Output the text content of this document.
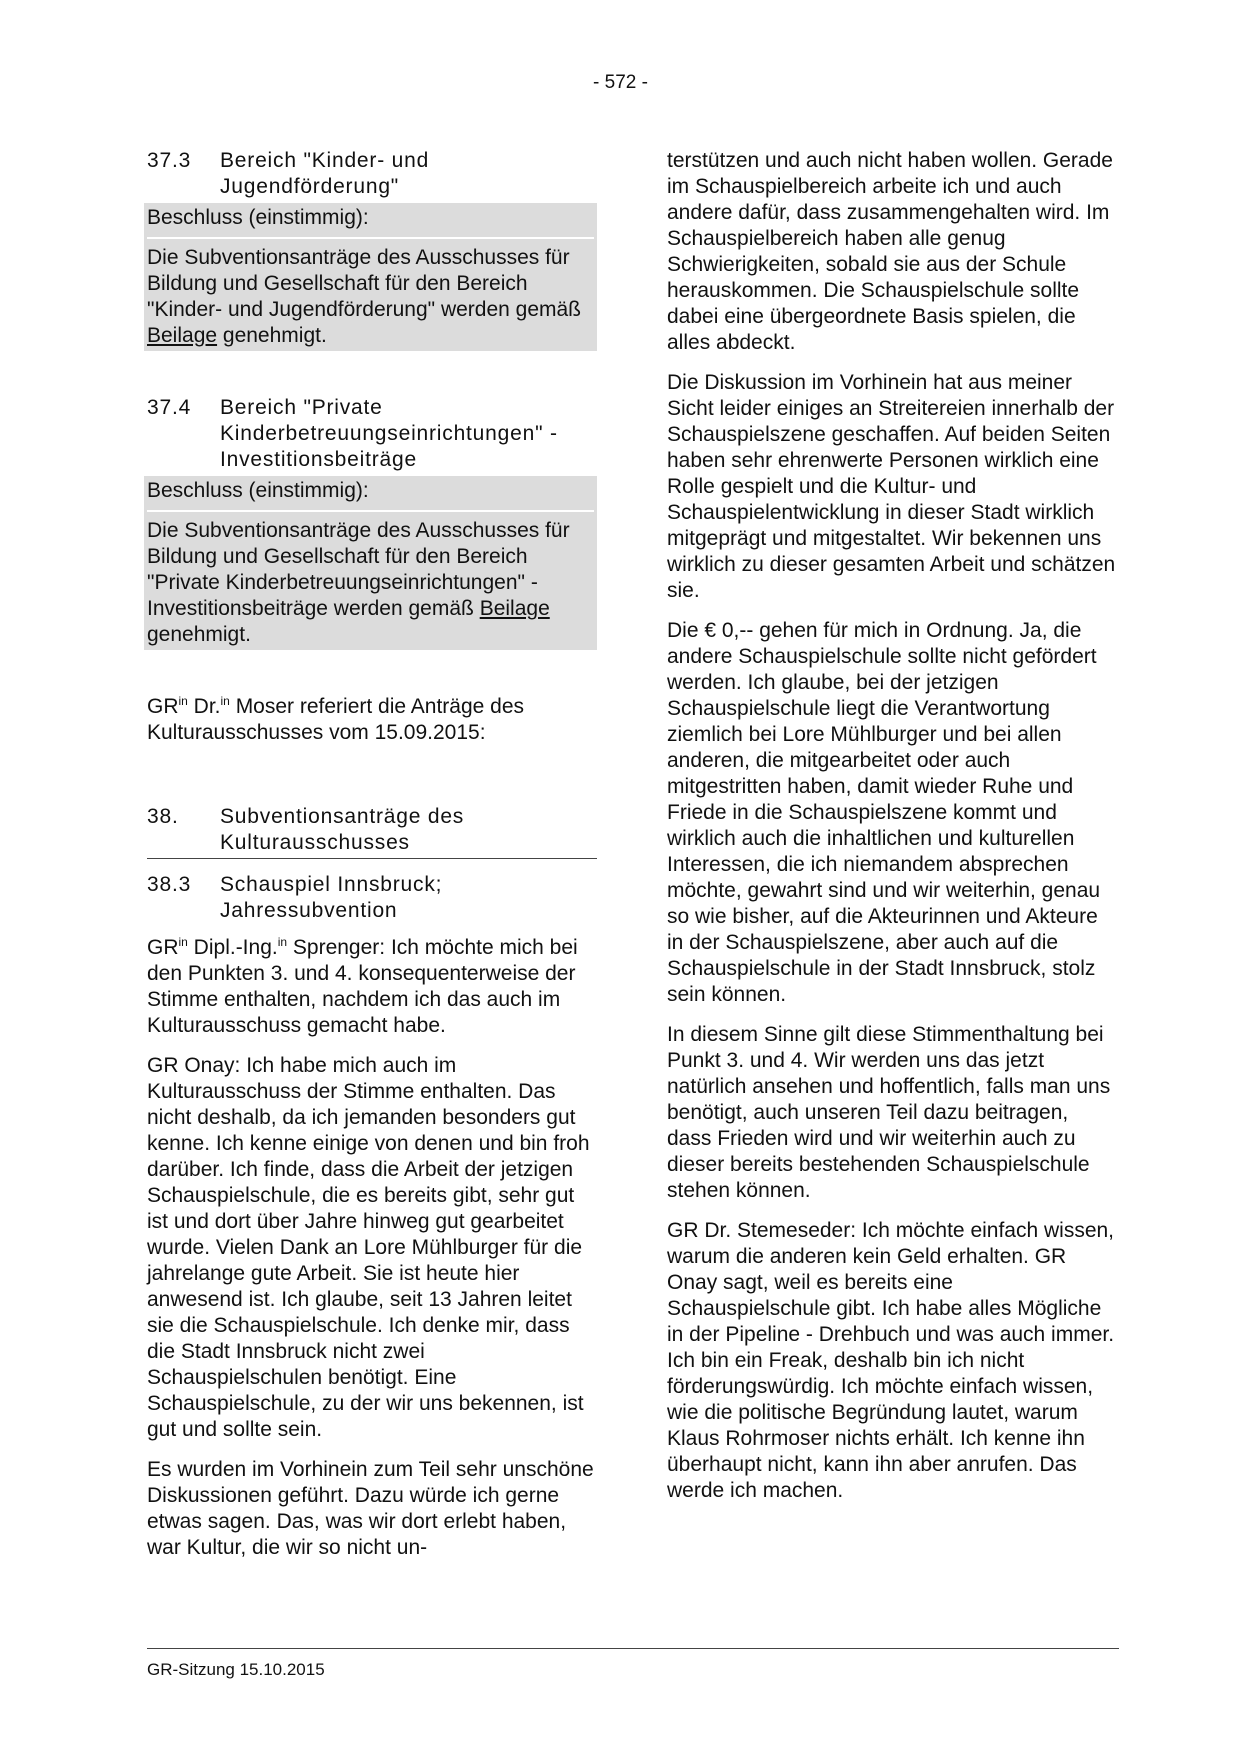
- 572 -
37.3	Bereich "Kinder- und Jugendförderung"
Beschluss (einstimmig):
Die Subventionsanträge des Ausschusses für Bildung und Gesellschaft für den Bereich "Kinder- und Jugendförderung" werden gemäß Beilage genehmigt.
37.4	Bereich "Private Kinderbetreuungseinrichtungen" - Investitionsbeiträge
Beschluss (einstimmig):
Die Subventionsanträge des Ausschusses für Bildung und Gesellschaft für den Bereich "Private Kinderbetreuungseinrichtungen" - Investitionsbeiträge werden gemäß Beilage genehmigt.

$GR^{in}$ Dr.$^{in}$ Moser referiert die Anträge des Kulturausschusses vom 15.09.2015:

38.	Subventionsanträge des Kulturausschusses
38.3	Schauspiel Innsbruck; Jahressubvention

$GR^{in}$ Dipl.-Ing.$^{in}$ Sprenger: Ich möchte mich bei den Punkten 3. und 4. konsequenterweise der Stimme enthalten, nachdem ich das auch im Kulturausschuss gemacht habe.

GR Onay: Ich habe mich auch im Kulturausschuss der Stimme enthalten. Das nicht deshalb, da ich jemanden besonders gut kenne. Ich kenne einige von denen und bin froh darüber. Ich finde, dass die Arbeit der jetzigen Schauspielschule, die es bereits gibt, sehr gut ist und dort über Jahre hinweg gut gearbeitet wurde. Vielen Dank an Lore Mühlburger für die jahrelange gute Arbeit. Sie ist heute hier anwesend ist. Ich glaube, seit 13 Jahren leitet sie die Schauspielschule. Ich denke mir, dass die Stadt Innsbruck nicht zwei Schauspielschulen benötigt. Eine Schauspielschule, zu der wir uns bekennen, ist gut und sollte sein.

Es wurden im Vorhinein zum Teil sehr unschöne Diskussionen geführt. Dazu würde ich gerne etwas sagen. Das, was wir dort erlebt haben, war Kultur, die wir so nicht un-

terstützen und auch nicht haben wollen. Gerade im Schauspielbereich arbeite ich und auch andere dafür, dass zusammengehalten wird. Im Schauspielbereich haben alle genug Schwierigkeiten, sobald sie aus der Schule herauskommen. Die Schauspielschule sollte dabei eine übergeordnete Basis spielen, die alles abdeckt.

Die Diskussion im Vorhinein hat aus meiner Sicht leider einiges an Streitereien innerhalb der Schauspielszene geschaffen. Auf beiden Seiten haben sehr ehrenwerte Personen wirklich eine Rolle gespielt und die Kultur- und Schauspielentwicklung in dieser Stadt wirklich mitgeprägt und mitgestaltet. Wir bekennen uns wirklich zu dieser gesamten Arbeit und schätzen sie.

Die € 0,-- gehen für mich in Ordnung. Ja, die andere Schauspielschule sollte nicht gefördert werden. Ich glaube, bei der jetzigen Schauspielschule liegt die Verantwortung ziemlich bei Lore Mühlburger und bei allen anderen, die mitgearbeitet oder auch mitgestritten haben, damit wieder Ruhe und Friede in die Schauspielszene kommt und wirklich auch die inhaltlichen und kulturellen Interessen, die ich niemandem absprechen möchte, gewahrt sind und wir weiterhin, genau so wie bisher, auf die Akteurinnen und Akteure in der Schauspielszene, aber auch auf die Schauspielschule in der Stadt Innsbruck, stolz sein können.

In diesem Sinne gilt diese Stimmenthaltung bei Punkt 3. und 4. Wir werden uns das jetzt natürlich ansehen und hoffentlich, falls man uns benötigt, auch unseren Teil dazu beitragen, dass Frieden wird und wir weiterhin auch zu dieser bereits bestehenden Schauspielschule stehen können.

GR Dr. Stemeseder: Ich möchte einfach wissen, warum die anderen kein Geld erhalten. GR Onay sagt, weil es bereits eine Schauspielschule gibt. Ich habe alles Mögliche in der Pipeline - Drehbuch und was auch immer. Ich bin ein Freak, deshalb bin ich nicht förderungswürdig. Ich möchte einfach wissen, wie die politische Begründung lautet, warum Klaus Rohrmoser nichts erhält. Ich kenne ihn überhaupt nicht, kann ihn aber anrufen. Das werde ich machen.

GR-Sitzung 15.10.2015
